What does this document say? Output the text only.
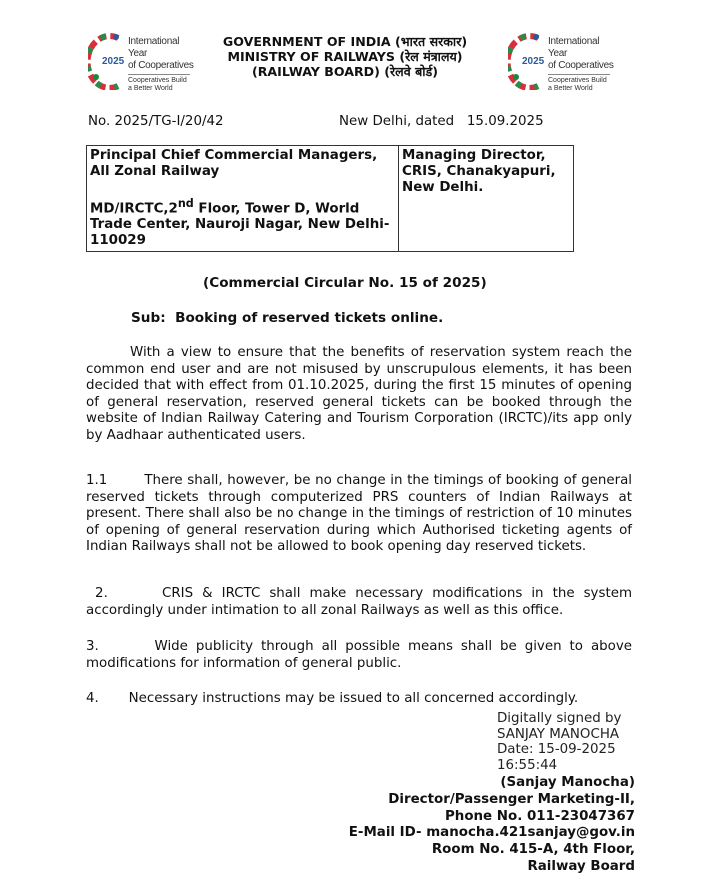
2025
International Year
of Cooperatives
Cooperatives Build
a Better World
2025
International Year
of Cooperatives
Cooperatives Build
a Better World
GOVERNMENT OF INDIA (भारत सरकार)
MINISTRY OF RAILWAYS (रेल मंत्रालय)
(RAILWAY BOARD) (रेलवे बोर्ड)
No. 2025/TG-I/20/42	New Delhi, dated   15.09.2025
Principal Chief Commercial Managers, All Zonal Railway
MD/IRCTC,2nd Floor, Tower D, World Trade Center, Nauroji Nagar, New Delhi-110029
	Managing Director, CRIS, Chanakyapuri, New Delhi.
(Commercial Circular No. 15 of 2025)
Sub:  Booking of reserved tickets online.

With a view to ensure that the benefits of reservation system reach the common end user and are not misused by unscrupulous elements, it has been decided that with effect from 01.10.2025, during the first 15 minutes of opening of general reservation, reserved general tickets can be booked through the website of Indian Railway Catering and Tourism Corporation (IRCTC)/its app only by Aadhaar authenticated users.

1.1        There shall, however, be no change in the timings of booking of general reserved tickets through computerized PRS counters of Indian Railways at present. There shall also be no change in the timings of restriction of 10 minutes of opening of general reservation during which Authorised ticketing agents of Indian Railways shall not be allowed to book opening day reserved tickets.

2.      CRIS & IRCTC shall make necessary modifications in the system accordingly under intimation to all zonal Railways as well as this office.

3.       Wide publicity through all possible means shall be given to above modifications for information of general public.

4.       Necessary instructions may be issued to all concerned accordingly.

Digitally signed by
SANJAY MANOCHA
Date: 15-09-2025
16:55:44
(Sanjay Manocha)
Director/Passenger Marketing-II,
Phone No. 011-23047367
E-Mail ID- manocha.421sanjay@gov.in
Room No. 415-A, 4th Floor,
Railway Board
